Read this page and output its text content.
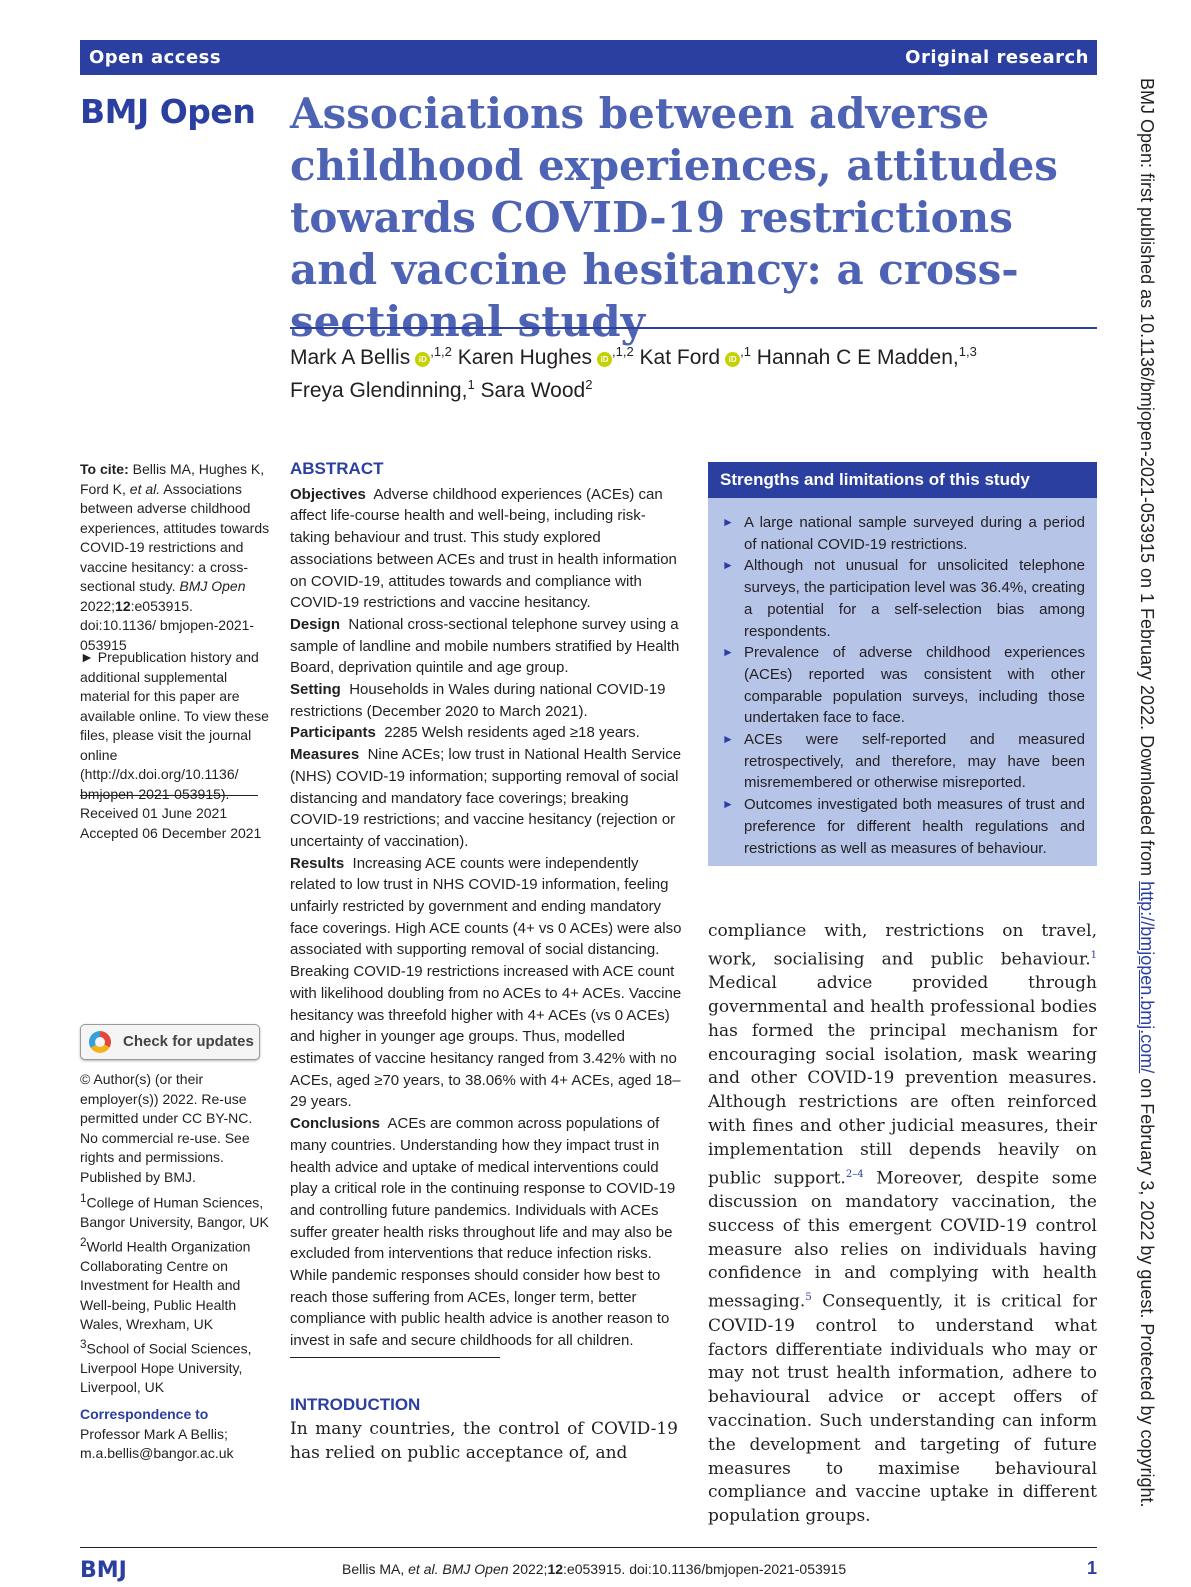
Open access	Original research
BMJ Open Associations between adverse childhood experiences, attitudes towards COVID-19 restrictions and vaccine hesitancy: a cross-sectional study
Mark A Bellis $iD^{,1,2}$ Karen Hughes $iD^{,1,2}$ Kat Ford $iD^{,1}$ Hannah C E Madden,$^{1,3}$
Freya Glendinning,$^1$ Sara Wood$^2$
To cite: Bellis MA, Hughes K, Ford K, et al. Associations between adverse childhood experiences, attitudes towards COVID-19 restrictions and vaccine hesitancy: a cross-sectional study. BMJ Open 2022;12:e053915. doi:10.1136/ bmjopen-2021-053915
► Prepublication history and additional supplemental material for this paper are available online. To view these files, please visit the journal online (http://dx.doi.org/10.1136/ bmjopen-2021-053915).
Received 01 June 2021
Accepted 06 December 2021
Check for updates
© Author(s) (or their employer(s)) 2022. Re-use permitted under CC BY-NC. No commercial re-use. See rights and permissions. Published by BMJ.
$^1$College of Human Sciences, Bangor University, Bangor, UK
$^2$World Health Organization Collaborating Centre on Investment for Health and Well-being, Public Health Wales, Wrexham, UK
$^3$School of Social Sciences, Liverpool Hope University, Liverpool, UK
Correspondence to
Professor Mark A Bellis;
m.a.bellis@bangor.ac.uk
ABSTRACT

Objectives Adverse childhood experiences (ACEs) can affect life-course health and well-being, including risk-taking behaviour and trust. This study explored associations between ACEs and trust in health information on COVID-19, attitudes towards and compliance with COVID-19 restrictions and vaccine hesitancy.

Design National cross-sectional telephone survey using a sample of landline and mobile numbers stratified by Health Board, deprivation quintile and age group.

Setting Households in Wales during national COVID-19 restrictions (December 2020 to March 2021).

Participants 2285 Welsh residents aged ≥18 years.

Measures Nine ACEs; low trust in National Health Service (NHS) COVID-19 information; supporting removal of social distancing and mandatory face coverings; breaking COVID-19 restrictions; and vaccine hesitancy (rejection or uncertainty of vaccination).

Results Increasing ACE counts were independently related to low trust in NHS COVID-19 information, feeling unfairly restricted by government and ending mandatory face coverings. High ACE counts (4+ vs 0 ACEs) were also associated with supporting removal of social distancing. Breaking COVID-19 restrictions increased with ACE count with likelihood doubling from no ACEs to 4+ ACEs. Vaccine hesitancy was threefold higher with 4+ ACEs (vs 0 ACEs) and higher in younger age groups. Thus, modelled estimates of vaccine hesitancy ranged from 3.42% with no ACEs, aged ≥70 years, to 38.06% with 4+ ACEs, aged 18–29 years.

Conclusions ACEs are common across populations of many countries. Understanding how they impact trust in health advice and uptake of medical interventions could play a critical role in the continuing response to COVID-19 and controlling future pandemics. Individuals with ACEs suffer greater health risks throughout life and may also be excluded from interventions that reduce infection risks. While pandemic responses should consider how best to reach those suffering from ACEs, longer term, better compliance with public health advice is another reason to invest in safe and secure childhoods for all children.

INTRODUCTION
In many countries, the control of COVID-19 has relied on public acceptance of, and
Strengths and limitations of this study
► A large national sample surveyed during a period of national COVID-19 restrictions.
► Although not unusual for unsolicited telephone surveys, the participation level was 36.4%, creating a potential for a self-selection bias among respondents.
► Prevalence of adverse childhood experiences (ACEs) reported was consistent with other comparable population surveys, including those undertaken face to face.
► ACEs were self-reported and measured retrospectively, and therefore, may have been misremembered or otherwise misreported.
► Outcomes investigated both measures of trust and preference for different health regulations and restrictions as well as measures of behaviour.
compliance with, restrictions on travel, work, socialising and public behaviour.$^1$ Medical advice provided through governmental and health professional bodies has formed the principal mechanism for encouraging social isolation, mask wearing and other COVID-19 prevention measures. Although restrictions are often reinforced with fines and other judicial measures, their implementation still depends heavily on public support.$^{2-4}$ Moreover, despite some discussion on mandatory vaccination, the success of this emergent COVID-19 control measure also relies on individuals having confidence in and complying with health messaging.$^5$ Consequently, it is critical for COVID-19 control to understand what factors differentiate individuals who may or may not trust health information, adhere to behavioural advice or accept offers of vaccination. Such understanding can inform the development and targeting of future measures to maximise behavioural compliance and vaccine uptake in different population groups.
BMJ	Bellis MA, et al. BMJ Open 2022;12:e053915. doi:10.1136/bmjopen-2021-053915	1
BMJ Open: first published as 10.1136/bmjopen-2021-053915 on 1 February 2022. Downloaded from http://bmjopen.bmj.com/ on February 3, 2022 by guest. Protected by copyright.
